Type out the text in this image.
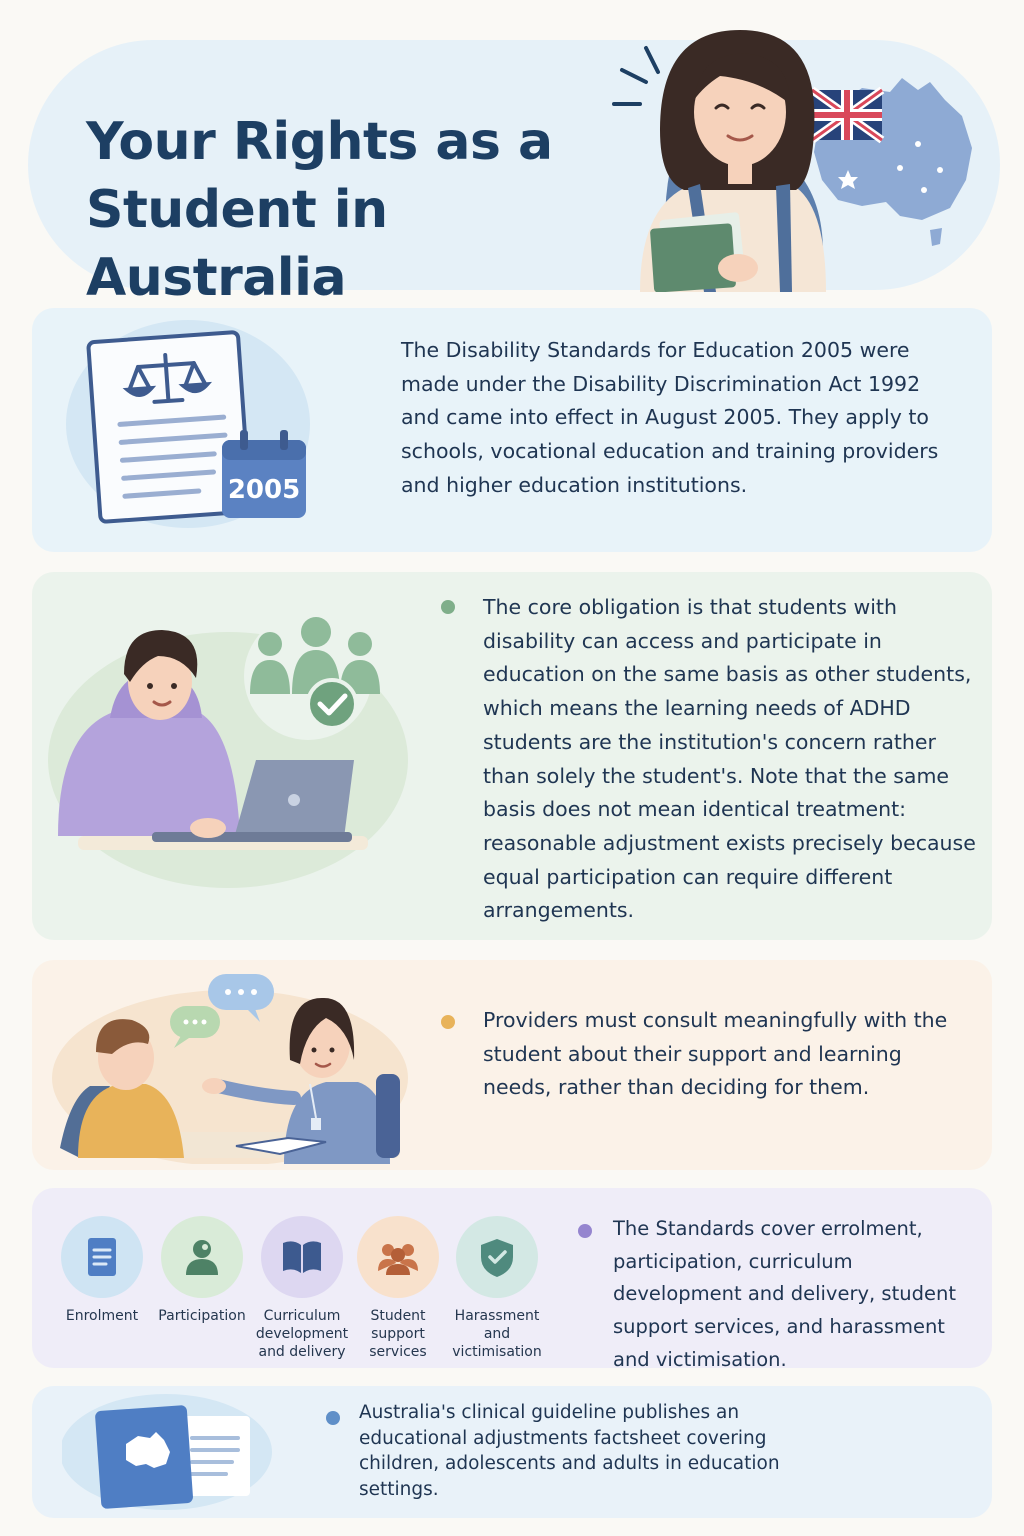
Your Rights as a
Student in Australia
2005

The Disability Standards for Education 2005 were made under the Disability Discrimination Act 1992 and came into effect in August 2005. They apply to schools, vocational education and training providers and higher education institutions.

The core obligation is that students with disability can access and participate in education on the same basis as other students, which means the learning needs of ADHD students are the institution's concern rather than solely the student's. Note that the same basis does not mean identical treatment: reasonable adjustment exists precisely because equal participation can require different arrangements.

Providers must consult meaningfully with the student about their support and learning needs, rather than deciding for them.

Enrolment	Participation	Curriculum development and delivery
Student support services
Harassment and victimisation

The Standards cover errolment, participation, curriculum development and delivery, student support services, and harassment and victimisation.

Australia's clinical guideline publishes an educational adjustments factsheet covering children, adolescents and adults in education settings.
